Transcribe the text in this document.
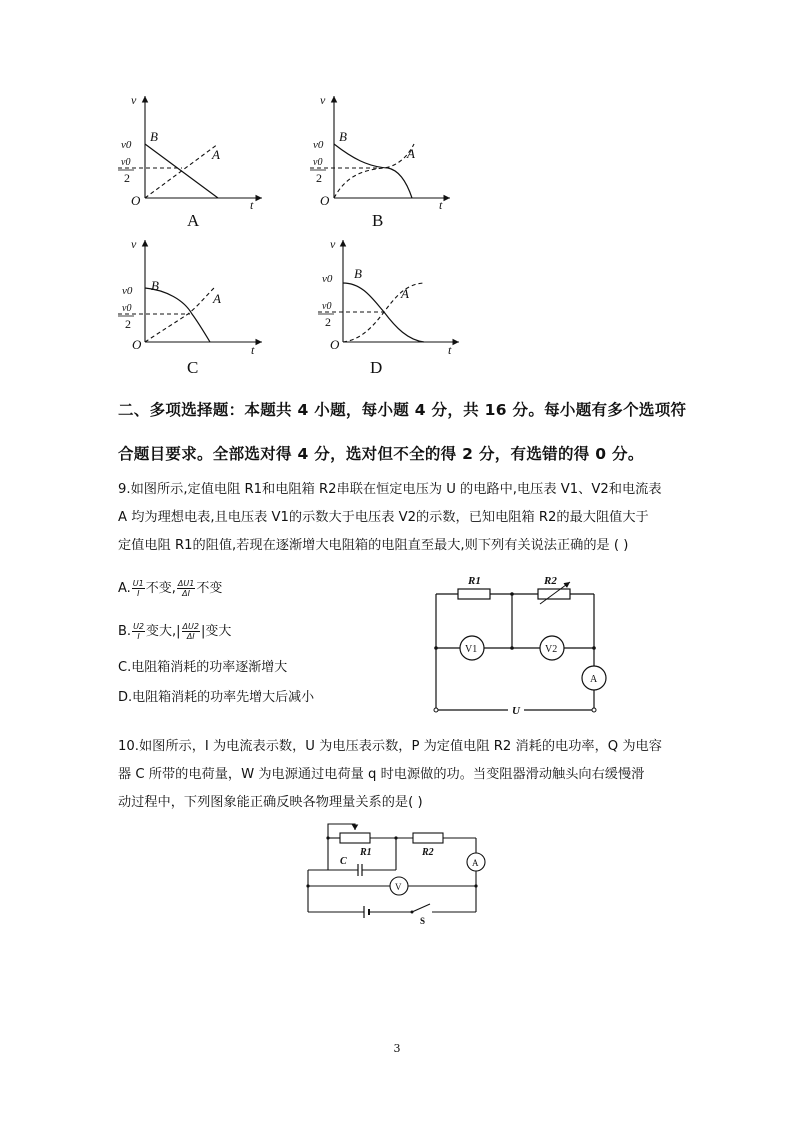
v
t
O
v0
v0
2
B
A
A
v
t
O
v0
v0
2
B
A
B
v
t
O
v0
v0
2
B
A
C
v
t
O
v0
v0
2
B
A
D
二、多项选择题：本题共 4 小题，每小题 4 分，共 16 分。每小题有多个选项符
合题目要求。全部选对得 4 分，选对但不全的得 2 分，有选错的得 0 分。
9.如图所示,定值电阻 R1和电阻箱 R2串联在恒定电压为 U 的电路中,电压表 V1、V2和电流表
A 均为理想电表,且电压表 V1的示数大于电压表 V2的示数，已知电阻箱 R2的最大阻值大于
定值电阻 R1的阻值,若现在逐渐增大电阻箱的电阻直至最大,则下列有关说法正确的是 ( )
A. $\frac{U1}{I}$ 不变, $\frac{\Delta U1}{\Delta I}$ 不变
B. $\frac{U2}{I}$ 变大,| $\frac{\Delta U2}{\Delta I}$ |变大
C.电阻箱消耗的功率逐渐增大
D.电阻箱消耗的功率先增大后减小
R1	R2
V1	V2
A
U
10.如图所示，I 为电流表示数，U 为电压表示数，P 为定值电阻 R2 消耗的电功率，Q 为电容
器 C 所带的电荷量，W 为电源通过电荷量 q 时电源做的功。当变阻器滑动触头向右缓慢滑
动过程中，下列图象能正确反映各物理量关系的是( )
R1	R2
C	A
V
S
3
